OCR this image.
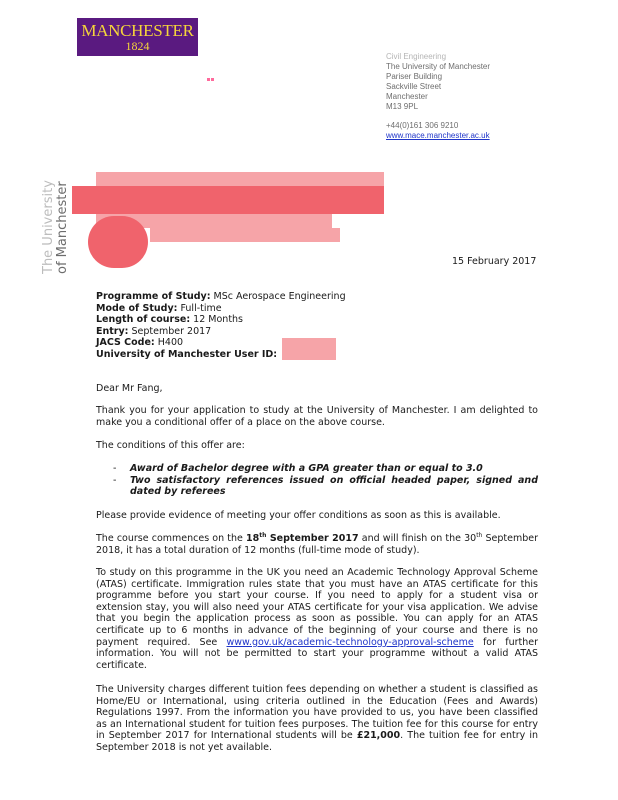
MANCHESTER
1824
The University of Manchester
Civil Engineering
The University of Manchester
Pariser Building
Sackville Street
Manchester
M13 9PL
+44(0)161 306 9210
www.mace.manchester.ac.uk
15 February 2017
Programme of Study: MSc Aerospace Engineering
Mode of Study: Full-time
Length of course: 12 Months
Entry: September 2017
JACS Code: H400
University of Manchester User ID:
Dear Mr Fang,
Thank you for your application to study at the University of Manchester. I am delighted to make you a conditional offer of a place on the above course.
The conditions of this offer are:
- Award of Bachelor degree with a GPA greater than or equal to 3.0
- Two satisfactory references issued on official headed paper, signed and dated by referees
Please provide evidence of meeting your offer conditions as soon as this is available.
The course commences on the 18th September 2017 and will finish on the 30th September 2018, it has a total duration of 12 months (full-time mode of study).
To study on this programme in the UK you need an Academic Technology Approval Scheme (ATAS) certificate. Immigration rules state that you must have an ATAS certificate for this programme before you start your course. If you need to apply for a student visa or extension stay, you will also need your ATAS certificate for your visa application. We advise that you begin the application process as soon as possible. You can apply for an ATAS certificate up to 6 months in advance of the beginning of your course and there is no payment required. See www.gov.uk/academic-technology-approval-scheme for further information. You will not be permitted to start your programme without a valid ATAS certificate.
The University charges different tuition fees depending on whether a student is classified as Home/EU or International, using criteria outlined in the Education (Fees and Awards) Regulations 1997. From the information you have provided to us, you have been classified as an International student for tuition fees purposes. The tuition fee for this course for entry in September 2017 for International students will be £21,000. The tuition fee for entry in September 2018 is not yet available.
